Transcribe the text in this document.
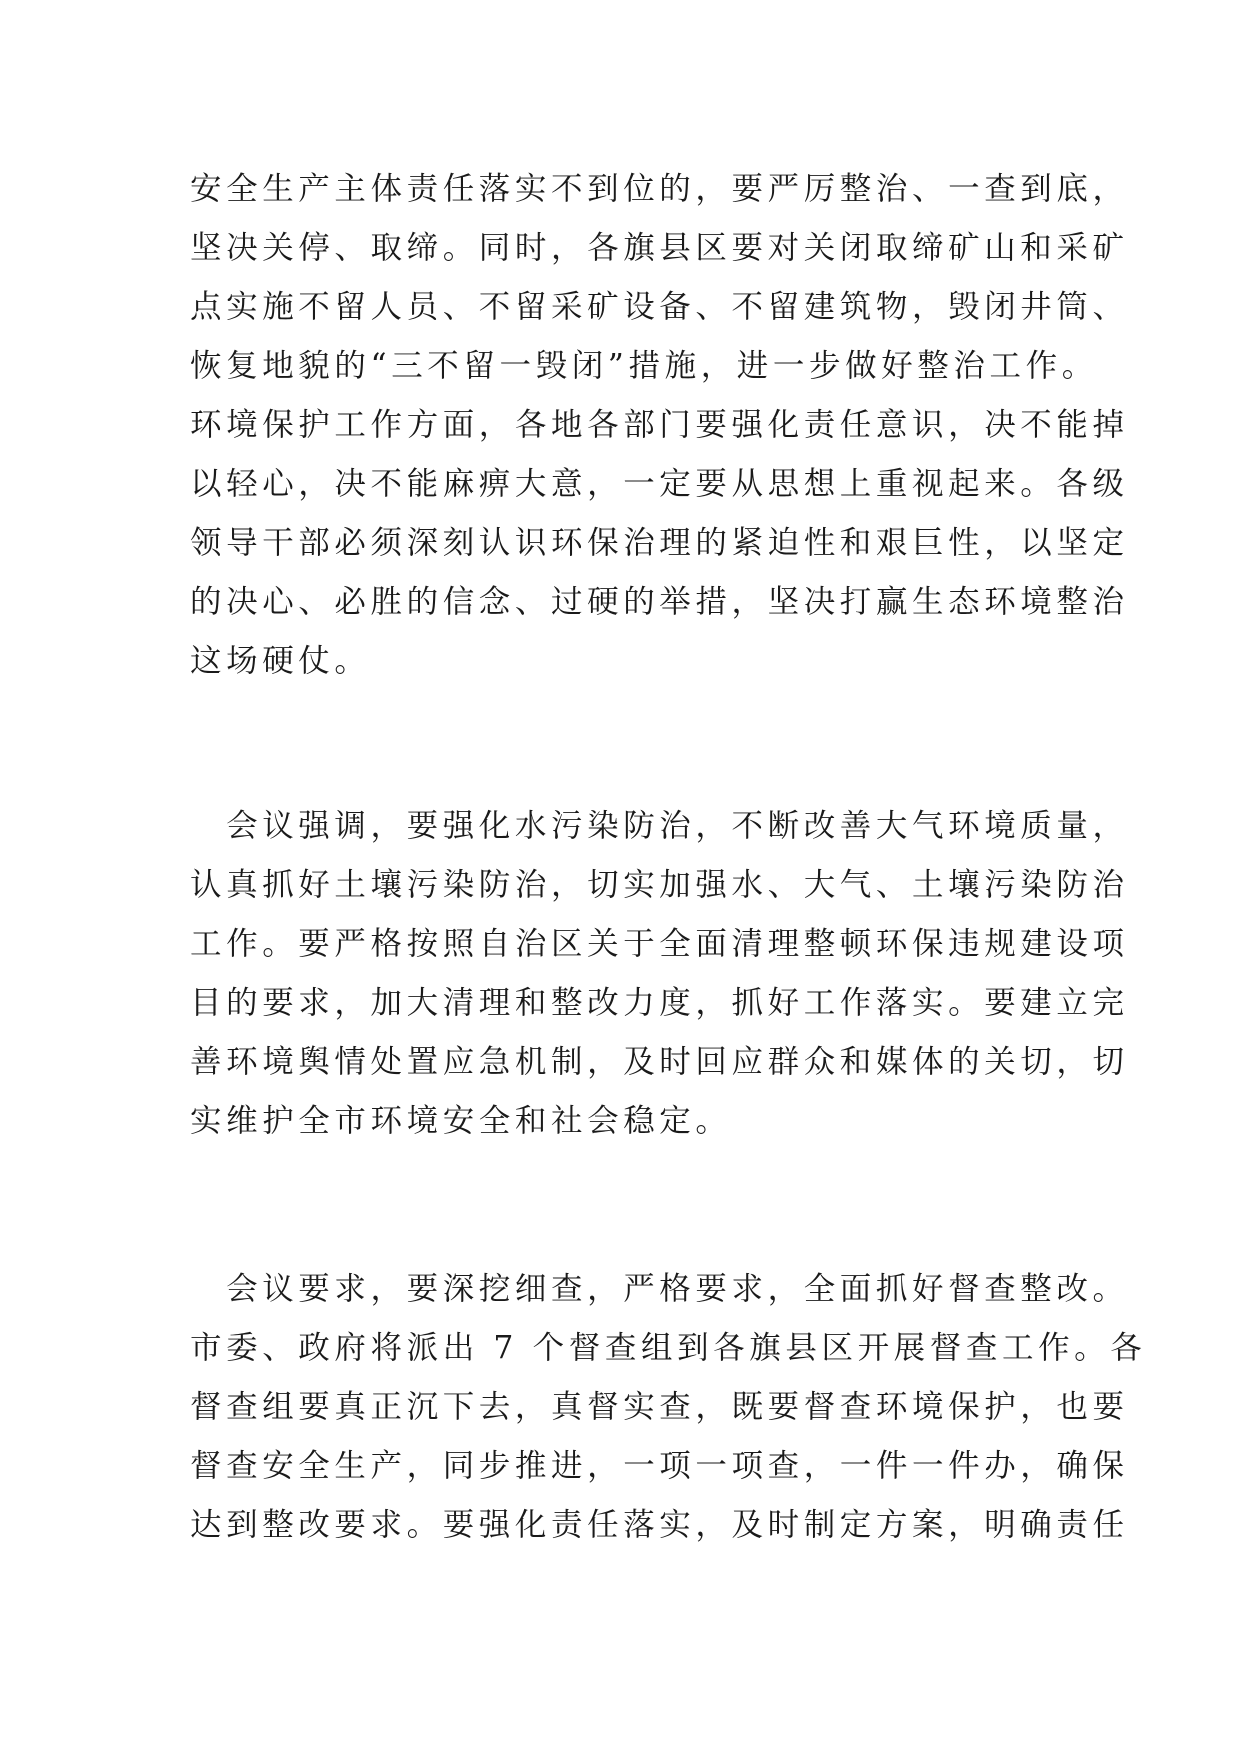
安全生产主体责任落实不到位的，要严厉整治、一查到底，
坚决关停、取缔。同时，各旗县区要对关闭取缔矿山和采矿
点实施不留人员、不留采矿设备、不留建筑物，毁闭井筒、
恢复地貌的“三不留一毁闭”措施，进一步做好整治工作。
环境保护工作方面，各地各部门要强化责任意识，决不能掉
以轻心，决不能麻痹大意，一定要从思想上重视起来。各级
领导干部必须深刻认识环保治理的紧迫性和艰巨性，以坚定
的决心、必胜的信念、过硬的举措，坚决打赢生态环境整治
这场硬仗。
　会议强调，要强化水污染防治，不断改善大气环境质量，
认真抓好土壤污染防治，切实加强水、大气、土壤污染防治
工作。要严格按照自治区关于全面清理整顿环保违规建设项
目的要求，加大清理和整改力度，抓好工作落实。要建立完
善环境舆情处置应急机制，及时回应群众和媒体的关切，切
实维护全市环境安全和社会稳定。
　会议要求，要深挖细查，严格要求，全面抓好督查整改。
市委、政府将派出 7 个督查组到各旗县区开展督查工作。各
督查组要真正沉下去，真督实查，既要督查环境保护，也要
督查安全生产，同步推进，一项一项查，一件一件办，确保
达到整改要求。要强化责任落实，及时制定方案，明确责任
